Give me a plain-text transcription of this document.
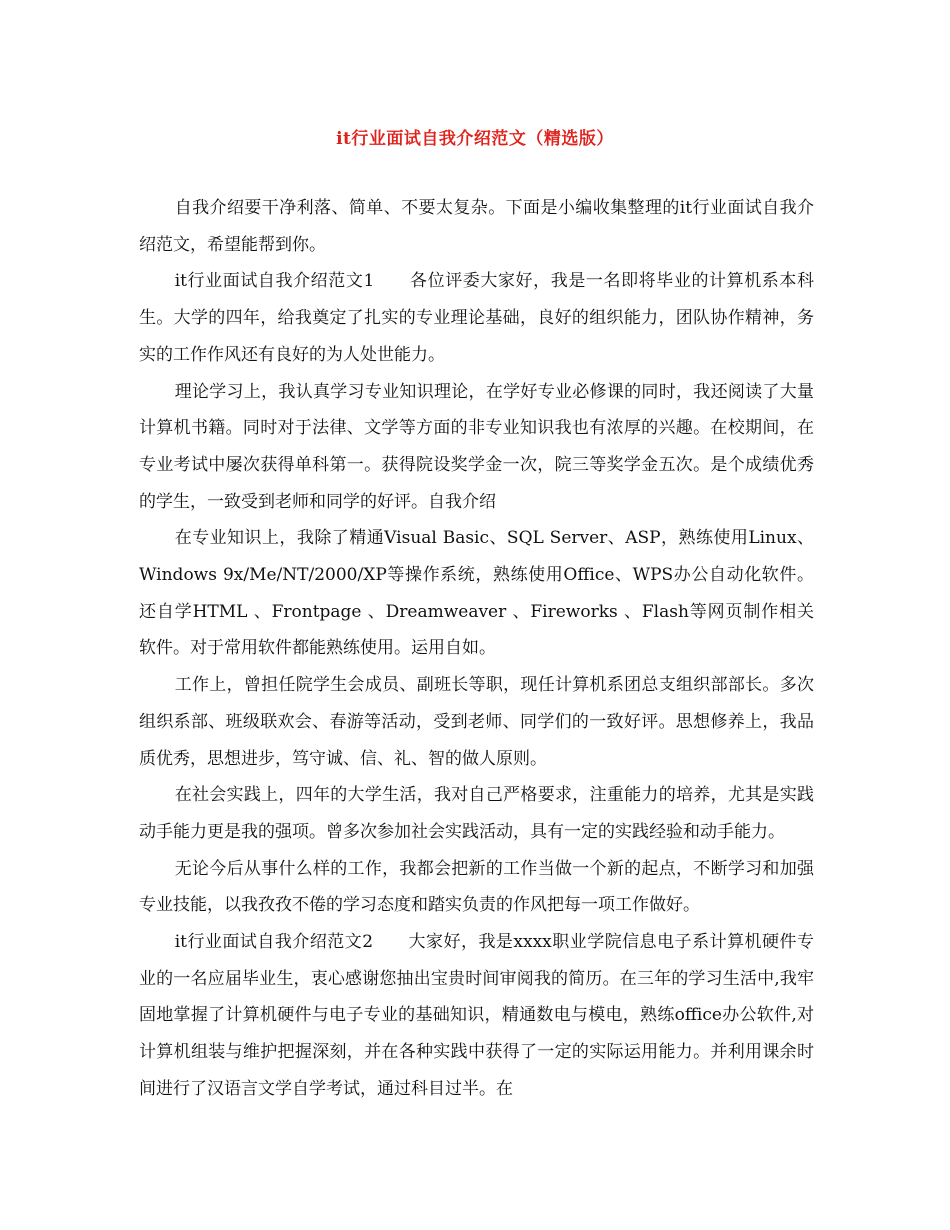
it行业面试自我介绍范文（精选版）

自我介绍要干净利落、简单、不要太复杂。下面是小编收集整理的it行业面试自我介绍范文，希望能帮到你。

it行业面试自我介绍范文1　　各位评委大家好，我是一名即将毕业的计算机系本科生。大学的四年，给我奠定了扎实的专业理论基础，良好的组织能力，团队协作精神，务实的工作作风还有良好的为人处世能力。

理论学习上，我认真学习专业知识理论，在学好专业必修课的同时，我还阅读了大量计算机书籍。同时对于法律、文学等方面的非专业知识我也有浓厚的兴趣。在校期间，在专业考试中屡次获得单科第一。获得院设奖学金一次，院三等奖学金五次。是个成绩优秀的学生，一致受到老师和同学的好评。自我介绍

在专业知识上，我除了精通Visual Basic、SQL Server、ASP，熟练使用Linux、Windows 9x/Me/NT/2000/XP等操作系统，熟练使用Office、WPS办公自动化软件。还自学HTML 、Frontpage 、Dreamweaver 、Fireworks 、Flash等网页制作相关软件。对于常用软件都能熟练使用。运用自如。

工作上，曾担任院学生会成员、副班长等职，现任计算机系团总支组织部部长。多次组织系部、班级联欢会、春游等活动，受到老师、同学们的一致好评。思想修养上，我品质优秀，思想进步，笃守诚、信、礼、智的做人原则。

在社会实践上，四年的大学生活，我对自己严格要求，注重能力的培养，尤其是实践动手能力更是我的强项。曾多次参加社会实践活动，具有一定的实践经验和动手能力。

无论今后从事什么样的工作，我都会把新的工作当做一个新的起点，不断学习和加强专业技能，以我孜孜不倦的学习态度和踏实负责的作风把每一项工作做好。

it行业面试自我介绍范文2　　大家好，我是xxxx职业学院信息电子系计算机硬件专业的一名应届毕业生，衷心感谢您抽出宝贵时间审阅我的简历。在三年的学习生活中,我牢固地掌握了计算机硬件与电子专业的基础知识，精通数电与模电，熟练office办公软件,对计算机组装与维护把握深刻，并在各种实践中获得了一定的实际运用能力。并利用课余时间进行了汉语言文学自学考试，通过科目过半。在
